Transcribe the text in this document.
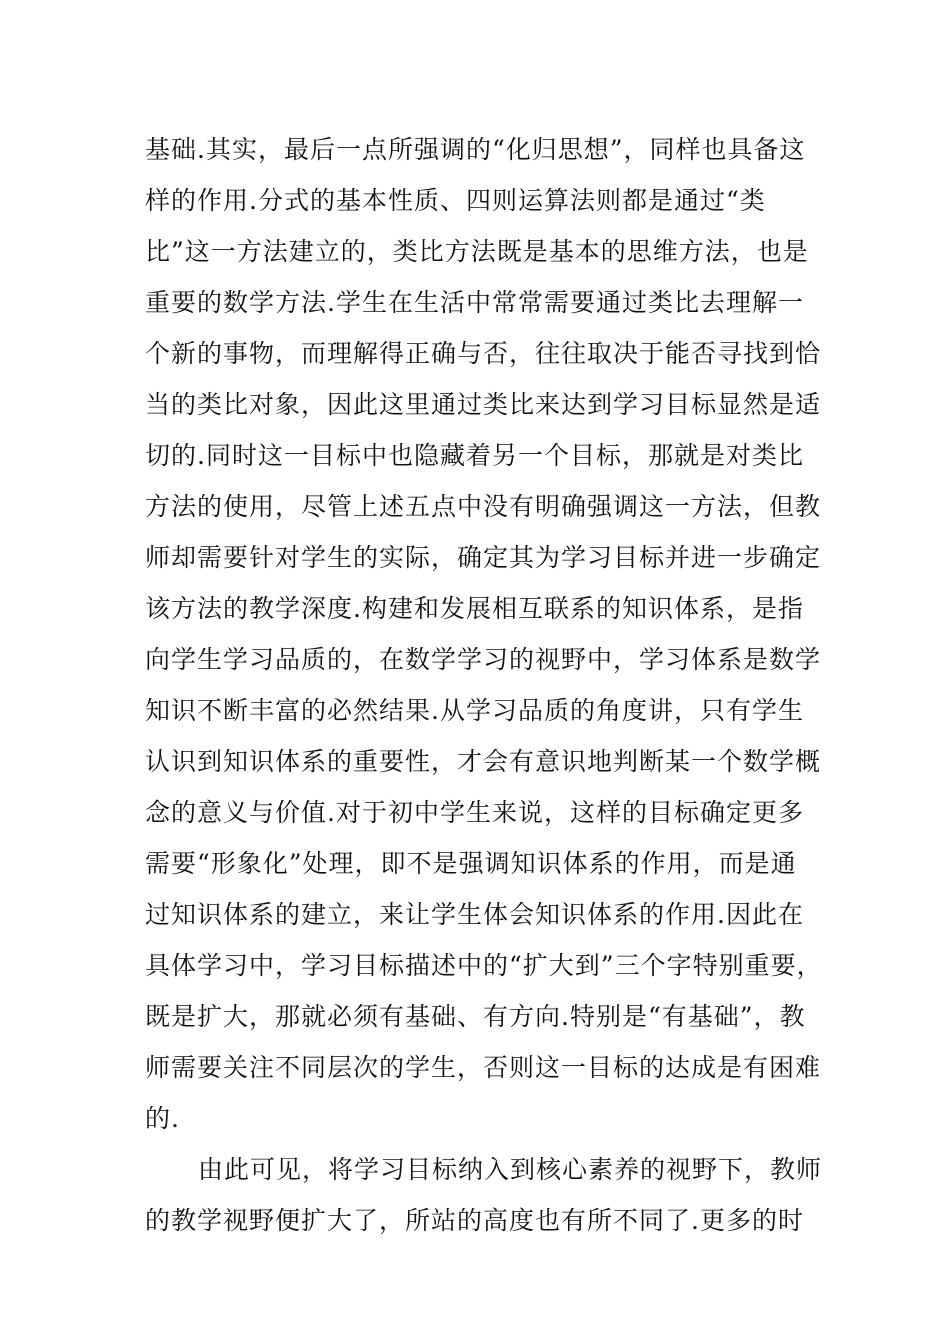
基础.其实，最后一点所强调的“化归思想”，同样也具备这
样的作用.分式的基本性质、四则运算法则都是通过“类
比”这一方法建立的，类比方法既是基本的思维方法，也是
重要的数学方法.学生在生活中常常需要通过类比去理解一
个新的事物，而理解得正确与否，往往取决于能否寻找到恰
当的类比对象，因此这里通过类比来达到学习目标显然是适
切的.同时这一目标中也隐藏着另一个目标，那就是对类比
方法的使用，尽管上述五点中没有明确强调这一方法，但教
师却需要针对学生的实际，确定其为学习目标并进一步确定
该方法的教学深度.构建和发展相互联系的知识体系，是指
向学生学习品质的，在数学学习的视野中，学习体系是数学
知识不断丰富的必然结果.从学习品质的角度讲，只有学生
认识到知识体系的重要性，才会有意识地判断某一个数学概
念的意义与价值.对于初中学生来说，这样的目标确定更多
需要“形象化”处理，即不是强调知识体系的作用，而是通
过知识体系的建立，来让学生体会知识体系的作用.因此在
具体学习中，学习目标描述中的“扩大到”三个字特别重要，
既是扩大，那就必须有基础、有方向.特别是“有基础”，教
师需要关注不同层次的学生，否则这一目标的达成是有困难
的.
由此可见，将学习目标纳入到核心素养的视野下，教师
的教学视野便扩大了，所站的高度也有所不同了.更多的时
